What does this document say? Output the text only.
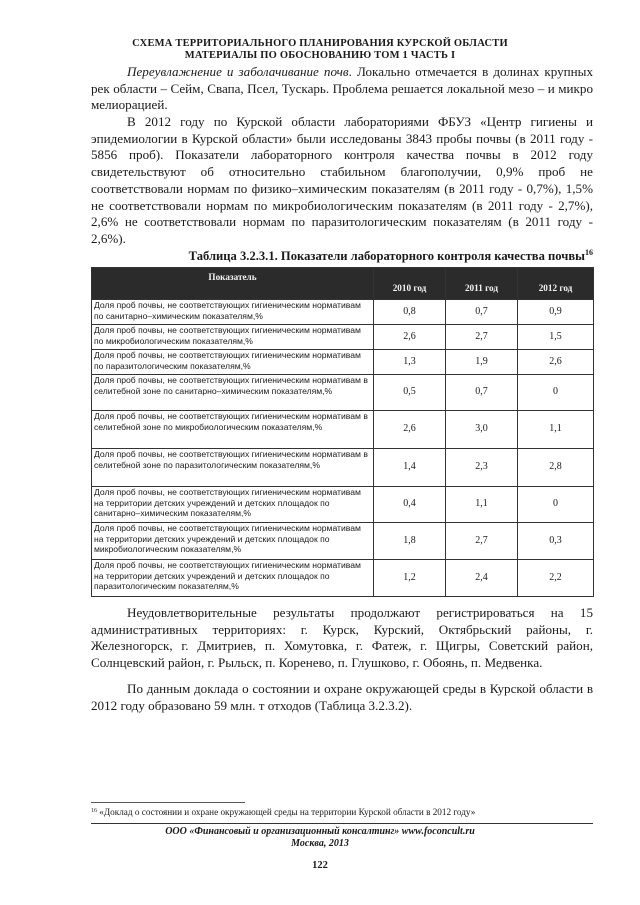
СХЕМА ТЕРРИТОРИАЛЬНОГО ПЛАНИРОВАНИЯ КУРСКОЙ ОБЛАСТИ
МАТЕРИАЛЫ ПО ОБОСНОВАНИЮ ТОМ 1 ЧАСТЬ I

Переувлажнение и заболачивание почв. Локально отмечается в долинах крупных рек области – Сейм, Свапа, Псел, Тускарь. Проблема решается локальной мезо – и микро мелиорацией.

В 2012 году по Курской области лабораториями ФБУЗ «Центр гигиены и эпидемиологии в Курской области» были исследованы 3843 пробы почвы (в 2011 году - 5856 проб). Показатели лабораторного контроля качества почвы в 2012 году свидетельствуют об относительно стабильном благополучии, 0,9% проб не соответствовали нормам по физико–химическим показателям (в 2011 году - 0,7%), 1,5% не соответствовали нормам по микробиологическим показателям (в 2011 году - 2,7%), 2,6% не соответствовали нормам по паразитологическим показателям (в 2011 году - 2,6%).

Таблица 3.2.3.1. Показатели лабораторного контроля качества почвы$^{16}$
Показатель	2010 год	2011 год	2012 год
Доля проб почвы, не соответствующих гигиеническим нормативам по санитарно–химическим показателям,%	0,8	0,7	0,9
Доля проб почвы, не соответствующих гигиеническим нормативам по микробиологическим показателям,%	2,6	2,7	1,5
Доля проб почвы, не соответствующих гигиеническим нормативам по паразитологическим показателям,%	1,3	1,9	2,6
Доля проб почвы, не соответствующих гигиеническим нормативам в селитебной зоне по санитарно–химическим показателям,%	0,5	0,7	0
Доля проб почвы, не соответствующих гигиеническим нормативам в селитебной зоне по микробиологическим показателям,%	2,6	3,0	1,1
Доля проб почвы, не соответствующих гигиеническим нормативам в селитебной зоне по паразитологическим показателям,%	1,4	2,3	2,8
Доля проб почвы, не соответствующих гигиеническим нормативам на территории детских учреждений и детских площадок по санитарно–химическим показателям,%	0,4	1,1	0
Доля проб почвы, не соответствующих гигиеническим нормативам на территории детских учреждений и детских площадок по микробиологическим показателям,%	1,8	2,7	0,3
Доля проб почвы, не соответствующих гигиеническим нормативам на территории детских учреждений и детских площадок по паразитологическим показателям,%	1,2	2,4	2,2

Неудовлетворительные результаты продолжают регистрироваться на 15 административных территориях: г. Курск, Курский, Октябрьский районы, г. Железногорск, г. Дмитриев, п. Хомутовка, г. Фатеж, г. Щигры, Советский район, Солнцевский район, г. Рыльск, п. Коренево, п. Глушково, г. Обоянь, п. Медвенка.

По данным доклада о состоянии и охране окружающей среды в Курской области в 2012 году образовано 59 млн. т отходов (Таблица 3.2.3.2).

$^{16}$ «Доклад о состоянии и охране окружающей среды на территории Курской области в 2012 году»
ООО «Финансовый и организационный консалтинг» www.foconcult.ru
Москва, 2013
122
